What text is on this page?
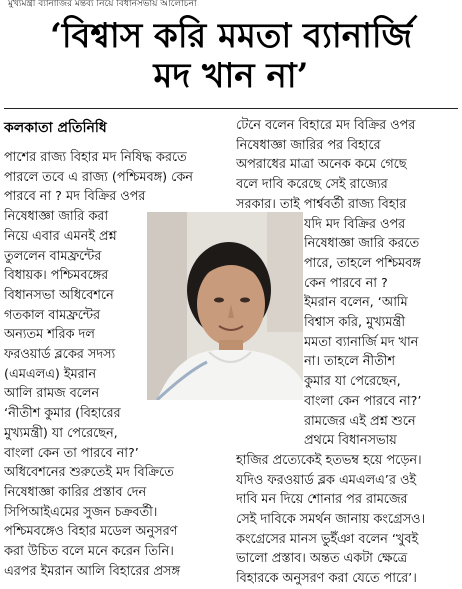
মুখ্যমন্ত্রী ব্যানার্জির মন্তব্য নিয়ে বিধানসভায় আলোচনা
‘বিশ্বাস করি মমতা ব্যানার্জি
মদ খান না’
কলকাতা প্রতিনিধি
পাশের রাজ্য বিহার মদ নিষিদ্ধ করতে
পারলে তবে এ রাজ্য (পশ্চিমবঙ্গ) কেন
পারবে না ? মদ বিক্রির ওপর
নিষেধাজ্ঞা জারি করা
নিয়ে এবার এমনই প্রশ্ন
তুললেন বামফ্রন্টের
বিধায়ক। পশ্চিমবঙ্গের
বিধানসভা অধিবেশনে
গতকাল বামফ্রন্টের
অন্যতম শরিক দল
ফরওয়ার্ড ব্লকের সদস্য
(এমএলএ) ইমরান
আলি রামজ বলেন
‘নীতীশ কুমার (বিহারের
মুখ্যমন্ত্রী) যা পেরেছেন,
বাংলা কেন তা পারবে না?’
অধিবেশনের শুরুতেই মদ বিক্রিতে
নিষেধাজ্ঞা কারির প্রস্তাব দেন
সিপিআইএমের সুজন চক্রবর্তী।
পশ্চিমবঙ্গেও বিহার মডেল অনুসরণ
করা উচিত বলে মনে করেন তিনি।
এরপর ইমরান আলি বিহারের প্রসঙ্গ
টেনে বলেন বিহারে মদ বিক্রির ওপর
নিষেধাজ্ঞা জারির পর বিহারে
অপরাধের মাত্রা অনেক কমে গেছে
বলে দাবি করেছে সেই রাজ্যের
সরকার। তাই পার্শ্ববর্তী রাজ্য বিহার
যদি মদ বিক্রির ওপর
নিষেধাজ্ঞা জারি করতে
পারে, তাহলে পশ্চিমবঙ্গ
কেন পারবে না ?
ইমরান বলেন, ‘আমি
বিশ্বাস করি, মুখ্যমন্ত্রী
মমতা ব্যানার্জি মদ খান
না। তাহলে নীতীশ
কুমার যা পেরেছেন,
বাংলা কেন পারবে না?’
রামজের এই প্রশ্ন শুনে
প্রথমে বিধানসভায়
হাজির প্রত্যেকেই হতভম্ব হয়ে পড়েন।
যদিও ফরওয়ার্ড ব্লক এমএলএ’র ওই
দাবি মন দিয়ে শোনার পর রামজের
সেই দাবিকে সমর্থন জানায় কংগ্রেসও।
কংগ্রেসের মানস ভুইঁঞা বলেন ‘খুবই
ভালো প্রস্তাব। অন্তত একটা ক্ষেত্রে
বিহারকে অনুসরণ করা যেতে পারে’।
